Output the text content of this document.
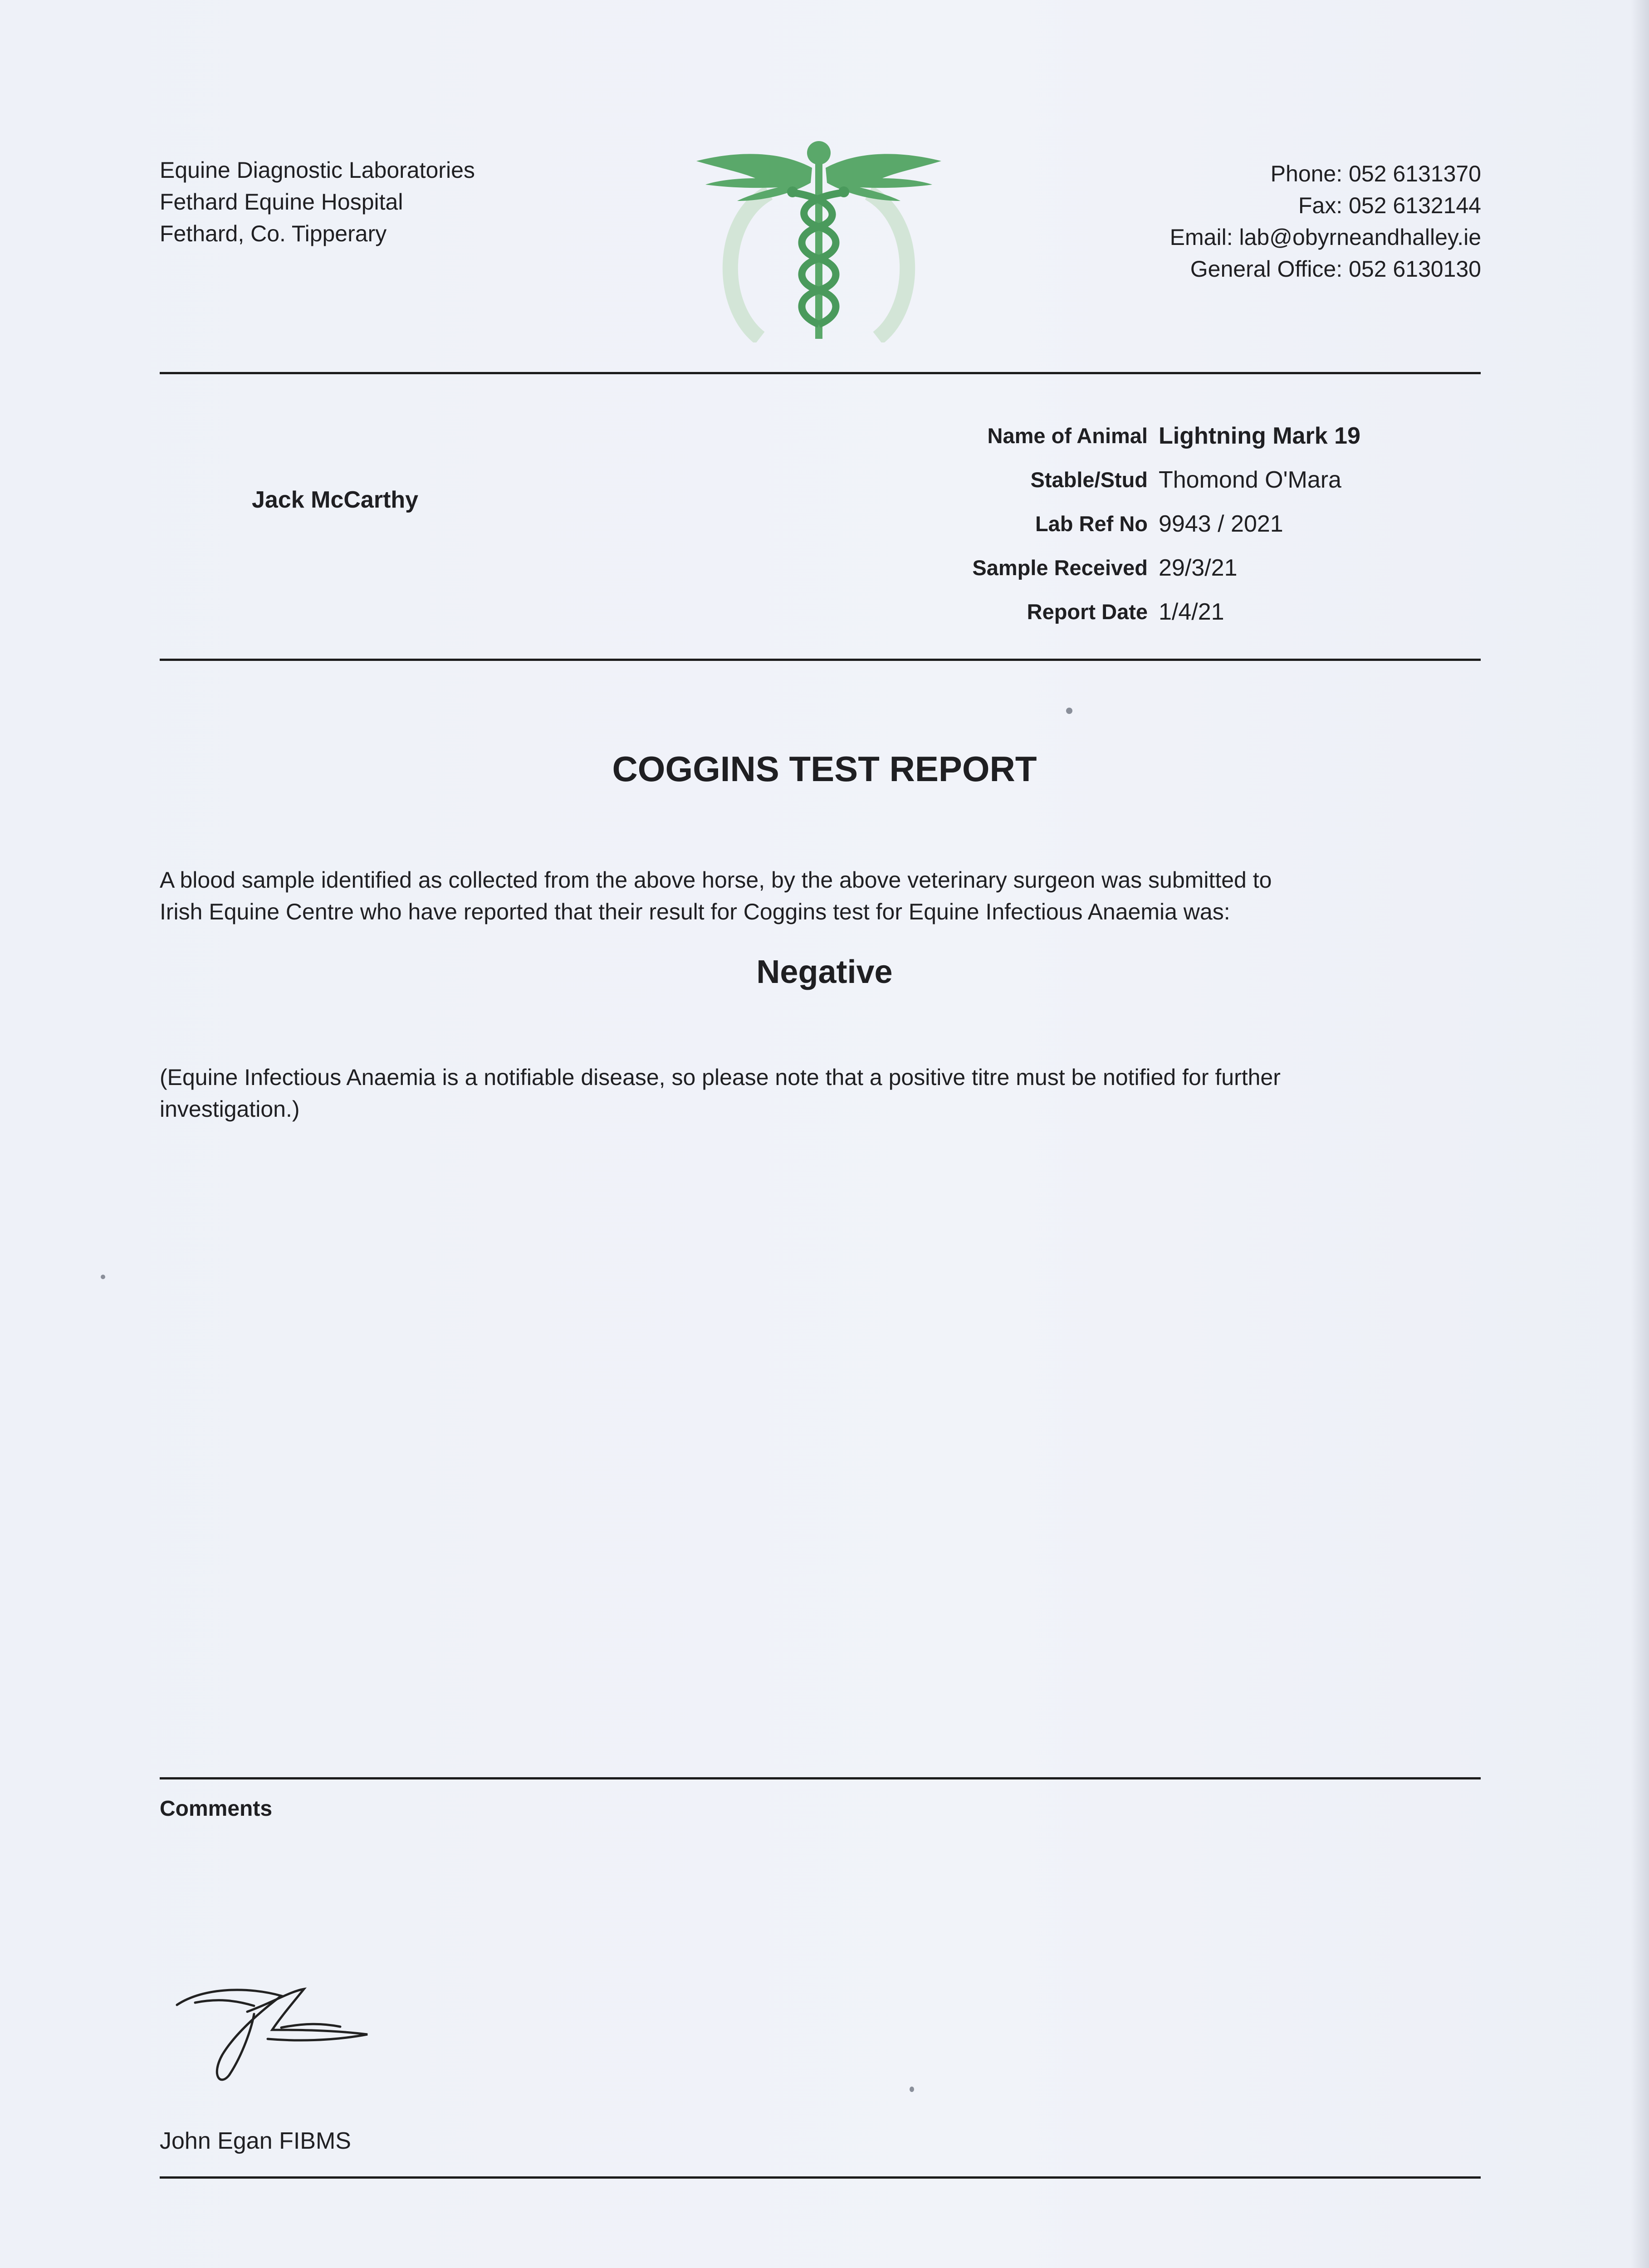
Equine Diagnostic Laboratories
Fethard Equine Hospital
Fethard, Co. Tipperary
Phone: 052 6131370
Fax: 052 6132144
Email: lab@obyrneandhalley.ie
General Office: 052 6130130
Jack McCarthy
Name of Animal Lightning Mark 19
Stable/Stud Thomond O'Mara
Lab Ref No 9943 / 2021
Sample Received 29/3/21
Report Date 1/4/21
COGGINS TEST REPORT
A blood sample identified as collected from the above horse, by the above veterinary surgeon was submitted to
Irish Equine Centre who have reported that their result for Coggins test for Equine Infectious Anaemia was:
Negative
(Equine Infectious Anaemia is a notifiable disease, so please note that a positive titre must be notified for further
investigation.)
Comments
John Egan FIBMS
